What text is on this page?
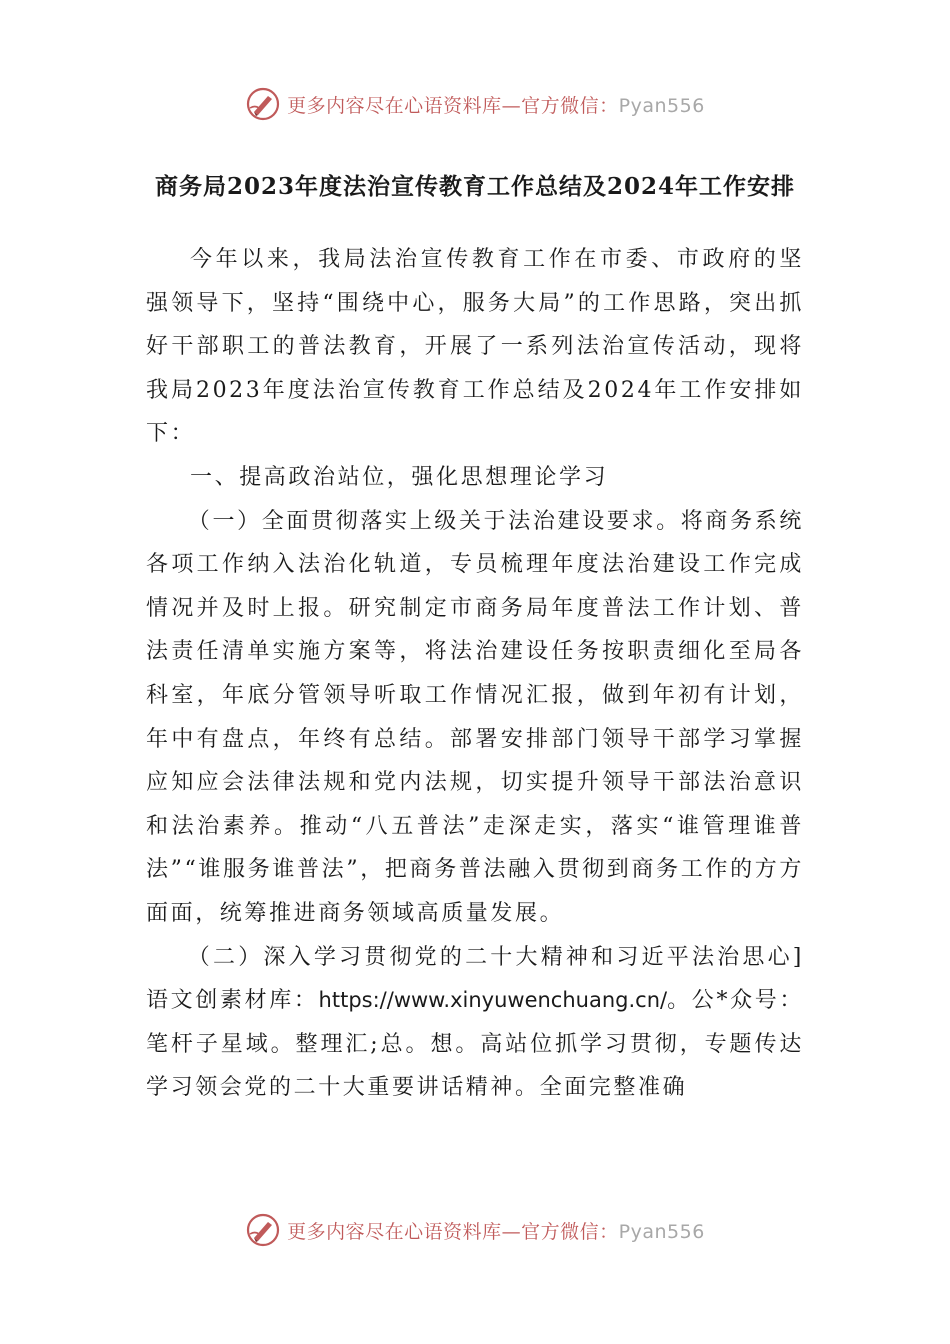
更多内容尽在心语资料库—官方微信：Pyan556
商务局2023年度法治宣传教育工作总结及2024年工作安排

今年以来，我局法治宣传教育工作在市委、市政府的坚强领导下，坚持“围绕中心，服务大局”的工作思路，突出抓好干部职工的普法教育，开展了一系列法治宣传活动，现将我局2023年度法治宣传教育工作总结及2024年工作安排如下：

一、提高政治站位，强化思想理论学习

（一）全面贯彻落实上级关于法治建设要求。将商务系统各项工作纳入法治化轨道，专员梳理年度法治建设工作完成情况并及时上报。研究制定市商务局年度普法工作计划、普法责任清单实施方案等，将法治建设任务按职责细化至局各科室，年底分管领导听取工作情况汇报，做到年初有计划，年中有盘点，年终有总结。部署安排部门领导干部学习掌握应知应会法律法规和党内法规，切实提升领导干部法治意识和法治素养。推动“八五普法”走深走实，落实“谁管理谁普法”“谁服务谁普法”，把商务普法融入贯彻到商务工作的方方面面，统筹推进商务领域高质量发展。

（二）深入学习贯彻党的二十大精神和习近平法治思心]语文创素材库：https://www.xinyuwenchuang.cn/。公*众号：笔杆子星域。整理汇;总。想。高站位抓学习贯彻，专题传达学习领会党的二十大重要讲话精神。全面完整准确

更多内容尽在心语资料库—官方微信：Pyan556
